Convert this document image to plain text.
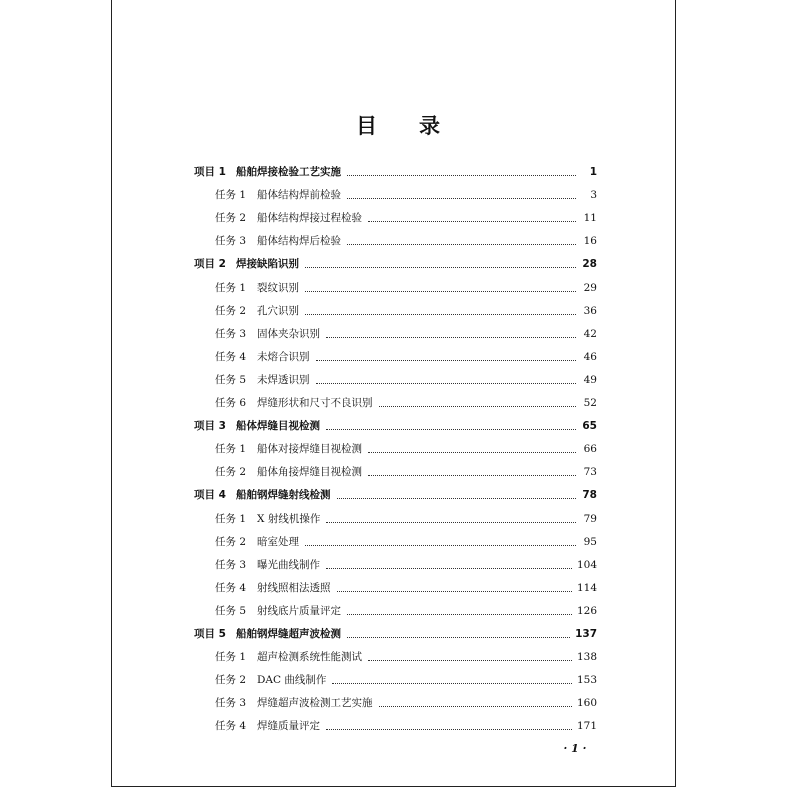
目 录
项目 1 船舶焊接检验工艺实施	1
任务 1	船体结构焊前检验	3
任务 2	船体结构焊接过程检验	11
任务 3	船体结构焊后检验	16
项目 2 焊接缺陷识别	28
任务 1	裂纹识别	29
任务 2	孔穴识别	36
任务 3	固体夹杂识别	42
任务 4	未熔合识别	46
任务 5	未焊透识别	49
任务 6	焊缝形状和尺寸不良识别	52
项目 3 船体焊缝目视检测	65
任务 1	船体对接焊缝目视检测	66
任务 2	船体角接焊缝目视检测	73
项目 4 船舶钢焊缝射线检测	78
任务 1	X 射线机操作	79
任务 2	暗室处理	95
任务 3	曝光曲线制作	104
任务 4	射线照相法透照	114
任务 5	射线底片质量评定	126
项目 5 船舶钢焊缝超声波检测	137
任务 1	超声检测系统性能测试	138
任务 2	DAC 曲线制作	153
任务 3	焊缝超声波检测工艺实施	160
任务 4	焊缝质量评定	171
· 1 ·
